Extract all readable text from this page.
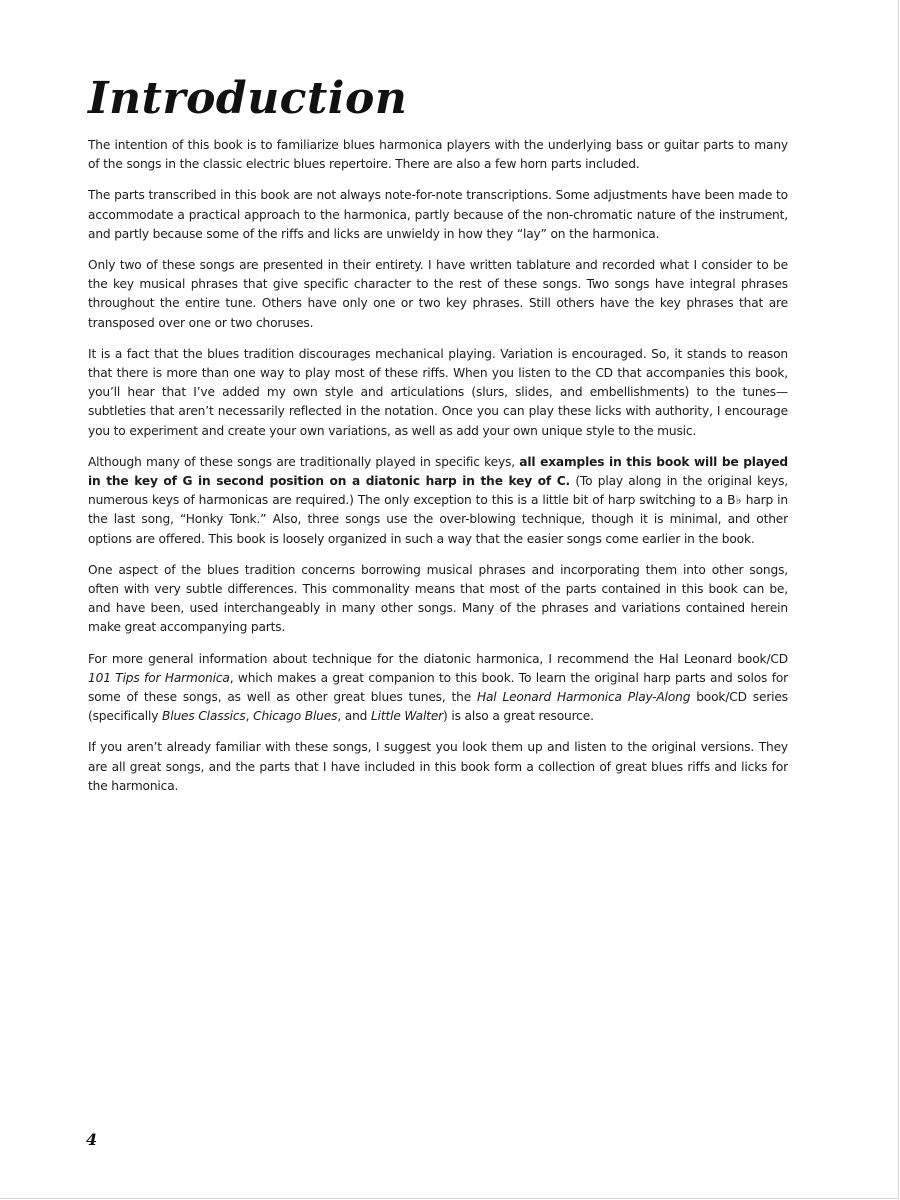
Introduction

The intention of this book is to familiarize blues harmonica players with the underlying bass or guitar parts to many of the songs in the classic electric blues repertoire. There are also a few horn parts included.

The parts transcribed in this book are not always note-for-note transcriptions. Some adjustments have been made to accommodate a practical approach to the harmonica, partly because of the non-chromatic nature of the instrument, and partly because some of the riffs and licks are unwieldy in how they “lay” on the harmonica.

Only two of these songs are presented in their entirety. I have written tablature and recorded what I consider to be the key musical phrases that give specific character to the rest of these songs. Two songs have integral phrases throughout the entire tune. Others have only one or two key phrases. Still others have the key phrases that are transposed over one or two choruses.

It is a fact that the blues tradition discourages mechanical playing. Variation is encouraged. So, it stands to reason that there is more than one way to play most of these riffs. When you listen to the CD that accompanies this book, you’ll hear that I’ve added my own style and articulations (slurs, slides, and embellishments) to the tunes—subtleties that aren’t necessarily reflected in the notation. Once you can play these licks with authority, I encourage you to experiment and create your own variations, as well as add your own unique style to the music.

Although many of these songs are traditionally played in specific keys, all examples in this book will be played in the key of G in second position on a diatonic harp in the key of C. (To play along in the original keys, numerous keys of harmonicas are required.) The only exception to this is a little bit of harp switching to a B♭ harp in the last song, “Honky Tonk.” Also, three songs use the over-blowing technique, though it is minimal, and other options are offered. This book is loosely organized in such a way that the easier songs come earlier in the book.

One aspect of the blues tradition concerns borrowing musical phrases and incorporating them into other songs, often with very subtle differences. This commonality means that most of the parts contained in this book can be, and have been, used interchangeably in many other songs. Many of the phrases and variations contained herein make great accompanying parts.

For more general information about technique for the diatonic harmonica, I recommend the Hal Leonard book/CD 101 Tips for Harmonica, which makes a great companion to this book. To learn the original harp parts and solos for some of these songs, as well as other great blues tunes, the Hal Leonard Harmonica Play-Along book/CD series (specifically Blues Classics, Chicago Blues, and Little Walter) is also a great resource.

If you aren’t already familiar with these songs, I suggest you look them up and listen to the original versions. They are all great songs, and the parts that I have included in this book form a collection of great blues riffs and licks for the harmonica.

4
